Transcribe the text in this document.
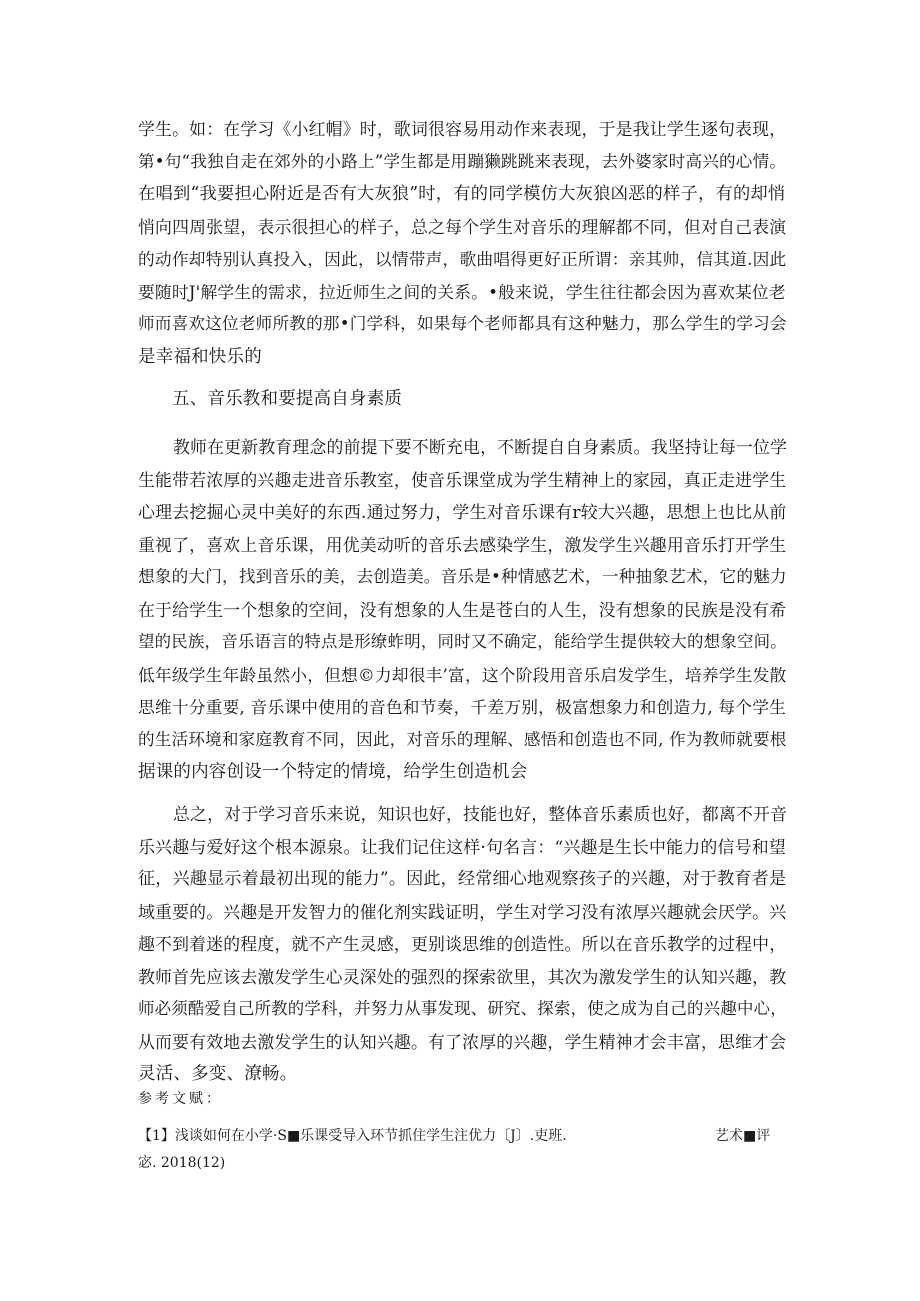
学生。如：在学习《小红帽》时，歌词很容易用动作来表现，于是我让学生逐句表现，
第•句“我独自走在郊外的小路上”学生都是用蹦獭跳跳来表现，去外婆家时高兴的心情。
在唱到“我要担心附近是否有大灰狼”时，有的同学模仿大灰狼凶恶的样子，有的却悄
悄向四周张望，表示很担心的样子，总之每个学生对音乐的理解都不同，但对自己表演
的动作却特别认真投入，因此，以情带声，歌曲唱得更好正所谓：亲其帅，信其道.因此
要随时J'解学生的需求，拉近师生之间的关系。•般来说，学生往往都会因为喜欢某位老
师而喜欢这位老师所教的那•门学科，如果每个老师都具有这种魅力，那么学生的学习会
是幸福和快乐的
五、音乐教和要提高自身素质
教师在更新教育理念的前提下要不断充电，不断提自自身素质。我坚持让每一位学
生能带若浓厚的兴趣走进音乐教室，使音乐课堂成为学生精神上的家园，真正走进学生
心理去挖掘心灵中美好的东西.通过努力，学生对音乐课有r较大兴趣，思想上也比从前
重视了，喜欢上音乐课，用优美动听的音乐去感染学生，激发学生兴趣用音乐打开学生
想象的大门，找到音乐的美，去创造美。音乐是•种情感艺术，一种抽象艺术，它的魅力
在于给学生一个想象的空间，没有想象的人生是苍白的人生，没有想象的民族是没有希
望的民族，音乐语言的特点是形缭蚱明，同时又不确定，能给学生提供较大的想象空间。
低年级学生年龄虽然小，但想©力却很丰’富，这个阶段用音乐启发学生，培养学生发散
思维十分重要, 音乐课中使用的音色和节奏，千差万别，极富想象力和创造力, 每个学生
的生活环境和家庭教育不同，因此，对音乐的理解、感悟和创造也不同, 作为教师就要根
据课的内容创设一个特定的情境，给学生创造机会
总之，对于学习音乐来说，知识也好，技能也好，整体音乐素质也好，都离不开音
乐兴趣与爱好这个根本源泉。让我们记住这样·句名言：“兴趣是生长中能力的信号和望
征，兴趣显示着最初出现的能力”。因此，经常细心地观察孩子的兴趣，对于教育者是
域重要的。兴趣是开发智力的催化剂实践证明，学生对学习没有浓厚兴趣就会厌学。兴
趣不到着迷的程度，就不产生灵感，更别谈思维的创造性。所以在音乐教学的过程中，
教师首先应该去激发学生心灵深处的强烈的探索欲里，其次为激发学生的认知兴趣，教
师必须酷爱自己所教的学科，并努力从事发现、研究、探索，使之成为自己的兴趣中心，
从而要有效地去激发学生的认知兴趣。有了浓厚的兴趣，学生精神才会丰富，思维才会
灵活、多变、潦畅。
参考文赋：
【1】浅谈如何在小学·S■乐课受导入环节抓住学生注优力〔J〕.吏班.	艺术■评
宓. 2018(12)
